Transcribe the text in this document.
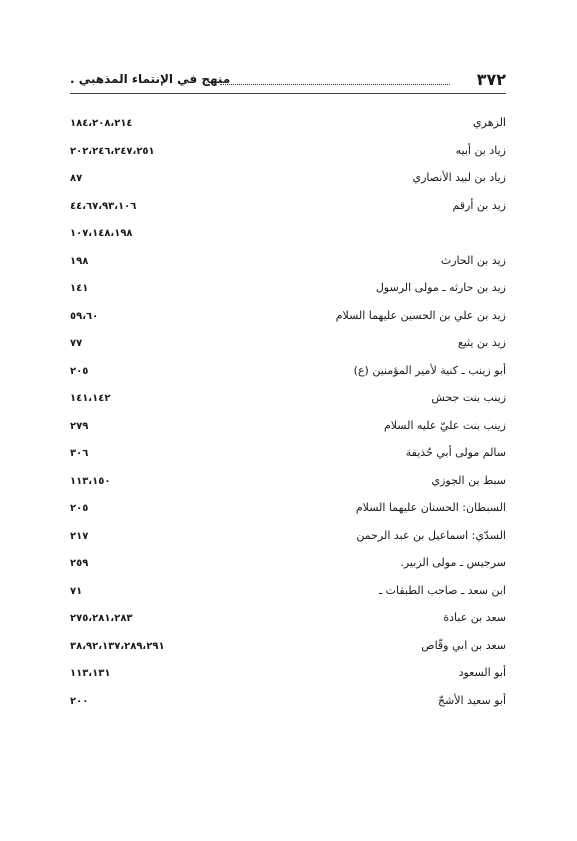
٣٧٢
منهج في الإنتماء المذهبي .
الزهري
١٨٤،٢٠٨،٢١٤
زياد بن أبيه
٢٠٢،٢٤٦،٢٤٧،٢٥١
زياد بن لبيد الأنصاري
٨٧
زيد بن أرقم
٤٤،٦٧،٩٣،١٠٦
١٠٧،١٤٨،١٩٨
زيد بن الحارث
١٩٨
زيد بن حارثه ـ مولى الرسول
١٤١
زيد بن علي بن الحسين عليهما السلام
٥٩،٦٠
زيد بن يثيع
٧٧
أبو زينب ـ كنية لأمير المؤمنين (ع)
٢٠٥
زينب بنت جحش
١٤١،١٤٢
زينب بنت عليّ عليه السلام
٢٧٩
سالم مولى أبي حُذيفة
٣٠٦
سبط بن الجوزي
١١٣،١٥٠
السبطان: الحسنان عليهما السلام
٢٠٥
السدّي: اسماعيل بن عبد الرحمن
٢١٧
سرجيس ـ مولى الزبير.
٢٥٩
ابن سعد ـ صاحب الطبقات ـ
٧١
سعد بن عبادة
٢٧٥،٢٨١،٢٨٣
سعد بن ابي وقّاص
٣٨،٩٢،١٣٧،٢٨٩،٢٩١
أبو السعود
١١٣،١٣١
أبو سعيد الأشجّ
٢٠٠
